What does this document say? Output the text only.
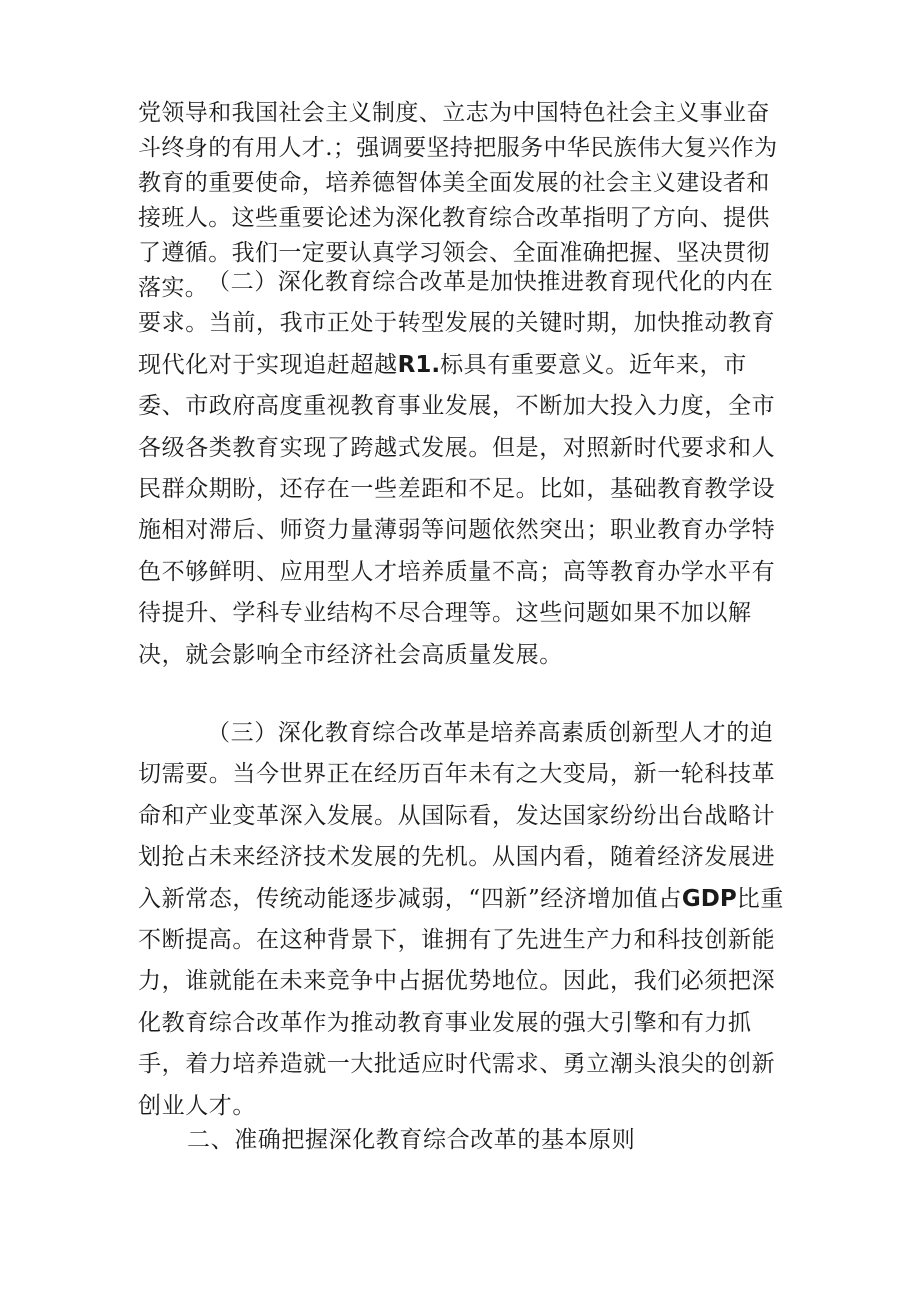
党领导和我国社会主义制度、立志为中国特色社会主义事业奋斗终身的有用人才.；强调要坚持把服务中华民族伟大复兴作为教育的重要使命，培养德智体美全面发展的社会主义建设者和接班人。这些重要论述为深化教育综合改革指明了方向、提供了遵循。我们一定要认真学习领会、全面准确把握、坚决贯彻落实。

（二）深化教育综合改革是加快推进教育现代化的内在要求。当前，我市正处于转型发展的关键时期，加快推动教育现代化对于实现追赶超越R1.标具有重要意义。近年来，市委、市政府高度重视教育事业发展，不断加大投入力度，全市各级各类教育实现了跨越式发展。但是，对照新时代要求和人民群众期盼，还存在一些差距和不足。比如，基础教育教学设施相对滞后、师资力量薄弱等问题依然突出；职业教育办学特色不够鲜明、应用型人才培养质量不高；高等教育办学水平有待提升、学科专业结构不尽合理等。这些问题如果不加以解决，就会影响全市经济社会高质量发展。

（三）深化教育综合改革是培养高素质创新型人才的迫切需要。当今世界正在经历百年未有之大变局，新一轮科技革命和产业变革深入发展。从国际看，发达国家纷纷出台战略计划抢占未来经济技术发展的先机。从国内看，随着经济发展进入新常态，传统动能逐步减弱，“四新”经济增加值占GDP比重不断提高。在这种背景下，谁拥有了先进生产力和科技创新能力，谁就能在未来竞争中占据优势地位。因此，我们必须把深化教育综合改革作为推动教育事业发展的强大引擎和有力抓手，着力培养造就一大批适应时代需求、勇立潮头浪尖的创新创业人才。

二、准确把握深化教育综合改革的基本原则
